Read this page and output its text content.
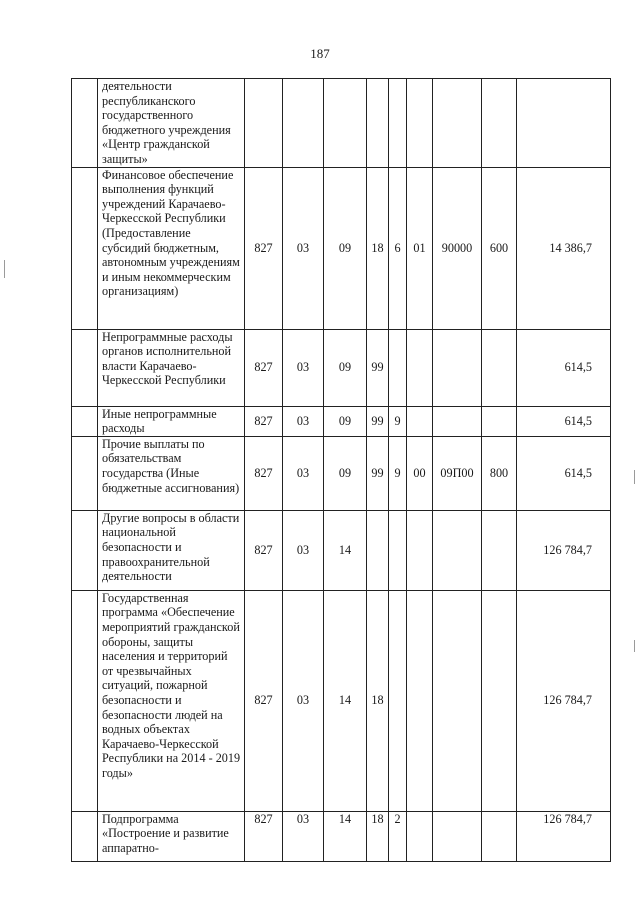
187
	деятельности республиканского государственного бюджетного учреждения «Центр гражданской защиты»									
	Финансовое обеспечение выполнения функций учреждений Карачаево-Черкесской Республики (Предоставление субсидий бюджетным, автономным учреждениям и иным некоммерческим организациям)	827	03	09	18	6	01	90000	600	14 386,7
	Непрограммные расходы органов исполнительной власти Карачаево-Черкесской Республики	827	03	09	99					614,5
	Иные непрограммные расходы	827	03	09	99	9				614,5
	Прочие выплаты по обязательствам государства (Иные бюджетные ассигнования)	827	03	09	99	9	00	09П00	800	614,5
	Другие вопросы в области национальной безопасности и правоохранительной деятельности	827	03	14						126 784,7
	Государственная программа «Обеспечение мероприятий гражданской обороны, защиты населения и территорий от чрезвычайных ситуаций, пожарной безопасности и безопасности людей на водных объектах Карачаево-Черкесской Республики на 2014 - 2019 годы»	827	03	14	18					126 784,7
	Подпрограмма «Построение и развитие аппаратно-	827	03	14	18	2				126 784,7
